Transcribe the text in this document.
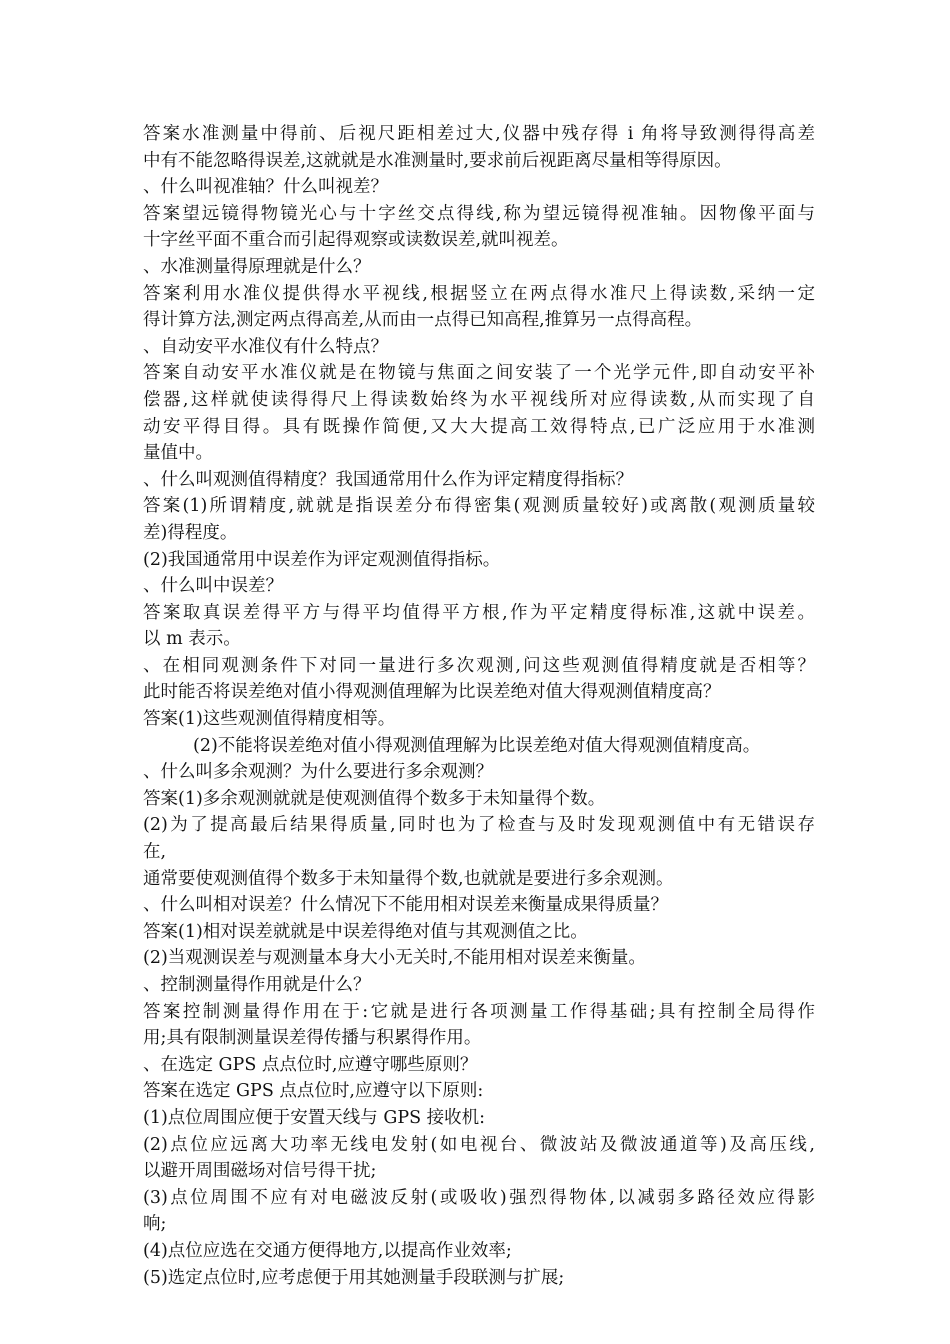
答案水准测量中得前、后视尺距相差过大,仪器中残存得 i 角将导致测得得高差
中有不能忽略得误差,这就就是水准测量时,要求前后视距离尽量相等得原因。
、什么叫视准轴？什么叫视差？
答案望远镜得物镜光心与十字丝交点得线,称为望远镜得视准轴。因物像平面与
十字丝平面不重合而引起得观察或读数误差,就叫视差。
、水准测量得原理就是什么？
答案利用水准仪提供得水平视线,根据竖立在两点得水准尺上得读数,采纳一定
得计算方法,测定两点得高差,从而由一点得已知高程,推算另一点得高程。
、自动安平水准仪有什么特点？
答案自动安平水准仪就是在物镜与焦面之间安装了一个光学元件,即自动安平补
偿器,这样就使读得得尺上得读数始终为水平视线所对应得读数,从而实现了自
动安平得目得。具有既操作简便,又大大提高工效得特点,已广泛应用于水准测
量值中。
、什么叫观测值得精度？我国通常用什么作为评定精度得指标？
答案(1)所谓精度,就就是指误差分布得密集(观测质量较好)或离散(观测质量较
差)得程度。
(2)我国通常用中误差作为评定观测值得指标。
、什么叫中误差？
答案取真误差得平方与得平均值得平方根,作为平定精度得标准,这就中误差。
以 m 表示。
、在相同观测条件下对同一量进行多次观测,问这些观测值得精度就是否相等？
此时能否将误差绝对值小得观测值理解为比误差绝对值大得观测值精度高？
答案(1)这些观测值得精度相等。
(2)不能将误差绝对值小得观测值理解为比误差绝对值大得观测值精度高。
、什么叫多余观测？为什么要进行多余观测？
答案(1)多余观测就就是使观测值得个数多于未知量得个数。
(2)为了提高最后结果得质量,同时也为了检查与及时发现观测值中有无错误存
在,
通常要使观测值得个数多于未知量得个数,也就就是要进行多余观测。
、什么叫相对误差？什么情况下不能用相对误差来衡量成果得质量？
答案(1)相对误差就就是中误差得绝对值与其观测值之比。
(2)当观测误差与观测量本身大小无关时,不能用相对误差来衡量。
、控制测量得作用就是什么？
答案控制测量得作用在于:它就是进行各项测量工作得基础;具有控制全局得作
用;具有限制测量误差得传播与积累得作用。
、在选定 GPS 点点位时,应遵守哪些原则？
答案在选定 GPS 点点位时,应遵守以下原则:
(1)点位周围应便于安置天线与 GPS 接收机:
(2)点位应远离大功率无线电发射(如电视台、微波站及微波通道等)及高压线,
以避开周围磁场对信号得干扰;
(3)点位周围不应有对电磁波反射(或吸收)强烈得物体,以减弱多路径效应得影
响;
(4)点位应选在交通方便得地方,以提高作业效率;
(5)选定点位时,应考虑便于用其她测量手段联测与扩展;
